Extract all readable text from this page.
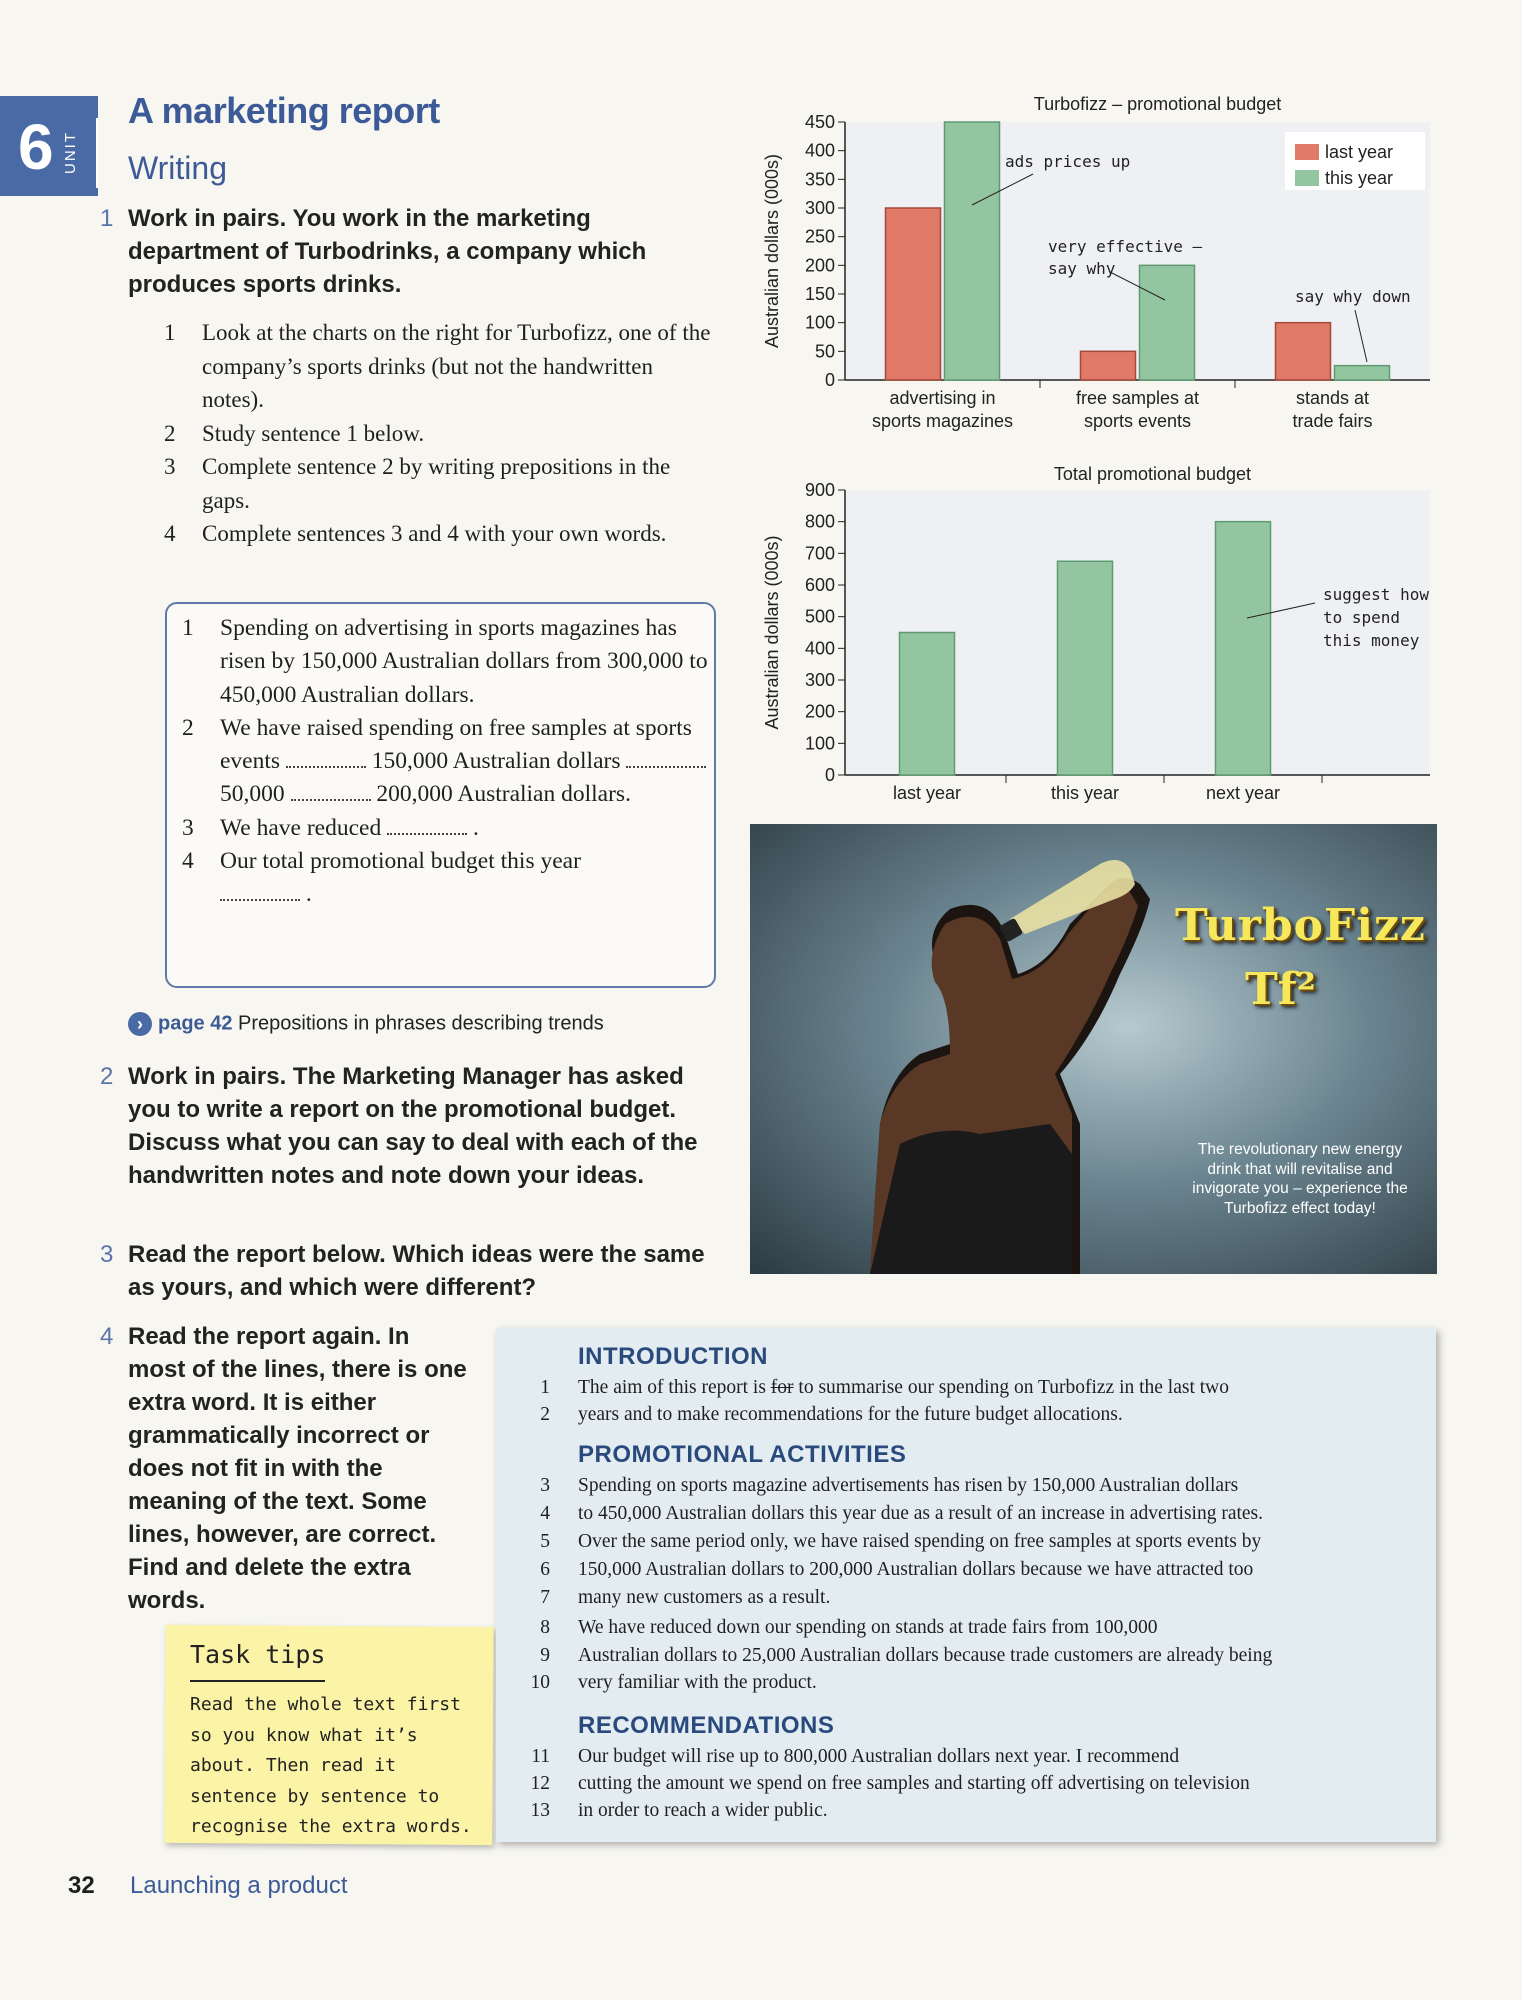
6 UNIT
A marketing report
Writing
1 Work in pairs. You work in the marketing department of Turbodrinks, a company which produces sports drinks.
1 Look at the charts on the right for Turbofizz, one of the company’s sports drinks (but not the handwritten notes).
2 Study sentence 1 below.
3 Complete sentence 2 by writing prepositions in the gaps.
4 Complete sentences 3 and 4 with your own words.
1 Spending on advertising in sports magazines has risen by 150,000 Australian dollars from 300,000 to 450,000 Australian dollars.
2 We have raised spending on free samples at sports events	150,000 Australian dollars  50,000	200,000 Australian dollars.
3 We have reduced	.
4 Our total promotional budget this year
.
› page 42 Prepositions in phrases describing trends
2 Work in pairs. The Marketing Manager has asked you to write a report on the promotional budget. Discuss what you can say to deal with each of the handwritten notes and note down your ideas.
3 Read the report below. Which ideas were the same as yours, and which were different?
4 Read the report again. In most of the lines, there is one extra word. It is either grammatically incorrect or does not fit in with the meaning of the text. Some lines, however, are correct. Find and delete the extra words.
Task tips
Read the whole text first so you know what it’s about. Then read it sentence by sentence to recognise the extra words.
INTRODUCTION
1 The aim of this report is for to summarise our spending on Turbofizz in the last two
2 years and to make recommendations for the future budget allocations.
PROMOTIONAL ACTIVITIES
3 Spending on sports magazine advertisements has risen by 150,000 Australian dollars
4 to 450,000 Australian dollars this year due as a result of an increase in advertising rates.
5 Over the same period only, we have raised spending on free samples at sports events by
6 150,000 Australian dollars to 200,000 Australian dollars because we have attracted too
7 many new customers as a result.
8 We have reduced down our spending on stands at trade fairs from 100,000
9 Australian dollars to 25,000 Australian dollars because trade customers are already being
10 very familiar with the product.
RECOMMENDATIONS
11 Our budget will rise up to 800,000 Australian dollars next year. I recommend
12 cutting the amount we spend on free samples and starting off advertising on television
13 in order to reach a wider public.
32 Launching a product
Turbofizz – promotional budget
Australian dollars (000s)
0
50
100
150
200
250
300
350
400
450
advertising in
sports magazines
free samples at
sports events
stands at
trade fairs
last year
this year
ads prices up
very effective –
say why
say why down
Total promotional budget
Australian dollars (000s)
0
100
200
300
400
500
600
700
800
900
last year	this year	next year
suggest how
to spend
this money
TurboFizz
Tf²
The revolutionary new energy drink that will revitalise and invigorate you – experience the Turbofizz effect today!
